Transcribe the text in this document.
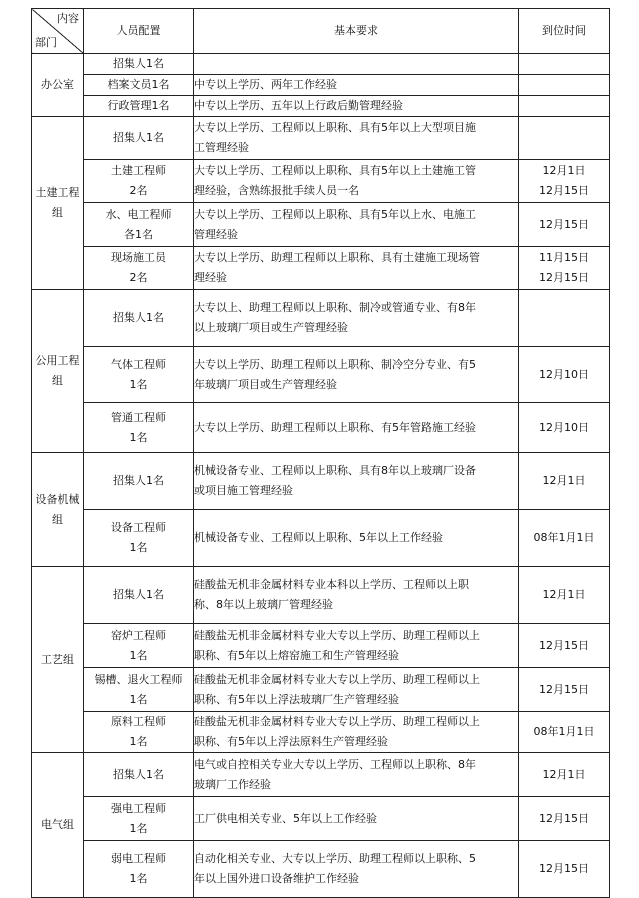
内容
部门	人员配置	基本要求	到位时间
办公室	招集人1名		

	档案文员1名	中专以上学历、两年工作经验	

	行政管理1名	中专以上学历、五年以上行政后勤管理经验	

土建工程组	招集人1名	大专以上学历、工程师以上职称、具有5年以上大型项目施
工管理经验	

	土建工程师
2名	大专以上学历、工程师以上职称、具有5年以上土建施工管
理经验，含熟练报批手续人员一名	12月1日
12月15日

	水、电工程师
各1名	大专以上学历、工程师以上职称、具有5年以上水、电施工
管理经验	12月15日

	现场施工员
2名	大专以上学历、助理工程师以上职称、具有土建施工现场管
理经验	11月15日
12月15日

公用工程组	招集人1名	大专以上、助理工程师以上职称、制冷或管通专业、有8年
以上玻璃厂项目或生产管理经验	

	气体工程师
1名	大专以上学历、助理工程师以上职称、制冷空分专业、有5
年玻璃厂项目或生产管理经验	12月10日

	管通工程师
1名	大专以上学历、助理工程师以上职称、有5年管路施工经验	12月10日

设备机械组	招集人1名	机械设备专业、工程师以上职称、具有8年以上玻璃厂设备
或项目施工管理经验	12月1日

	设备工程师
1名	机械设备专业、工程师以上职称、5年以上工作经验	08年1月1日

工艺组	招集人1名	硅酸盐无机非金属材料专业本科以上学历、工程师以上职
称、8年以上玻璃厂管理经验	12月1日

	窑炉工程师
1名	硅酸盐无机非金属材料专业大专以上学历、助理工程师以上
职称、有5年以上熔窑施工和生产管理经验	12月15日

	锡槽、退火工程师
1名	硅酸盐无机非金属材料专业大专以上学历、助理工程师以上
职称、有5年以上浮法玻璃厂生产管理经验	12月15日

	原料工程师
1名	硅酸盐无机非金属材料专业大专以上学历、助理工程师以上
职称、有5年以上浮法原料生产管理经验	08年1月1日

电气组	招集人1名	电气或自控相关专业大专以上学历、工程师以上职称、8年
玻璃厂工作经验	12月1日

	强电工程师
1名	工厂供电相关专业、5年以上工作经验	12月15日

	弱电工程师
1名	自动化相关专业、大专以上学历、助理工程师以上职称、5
年以上国外进口设备维护工作经验	12月15日
